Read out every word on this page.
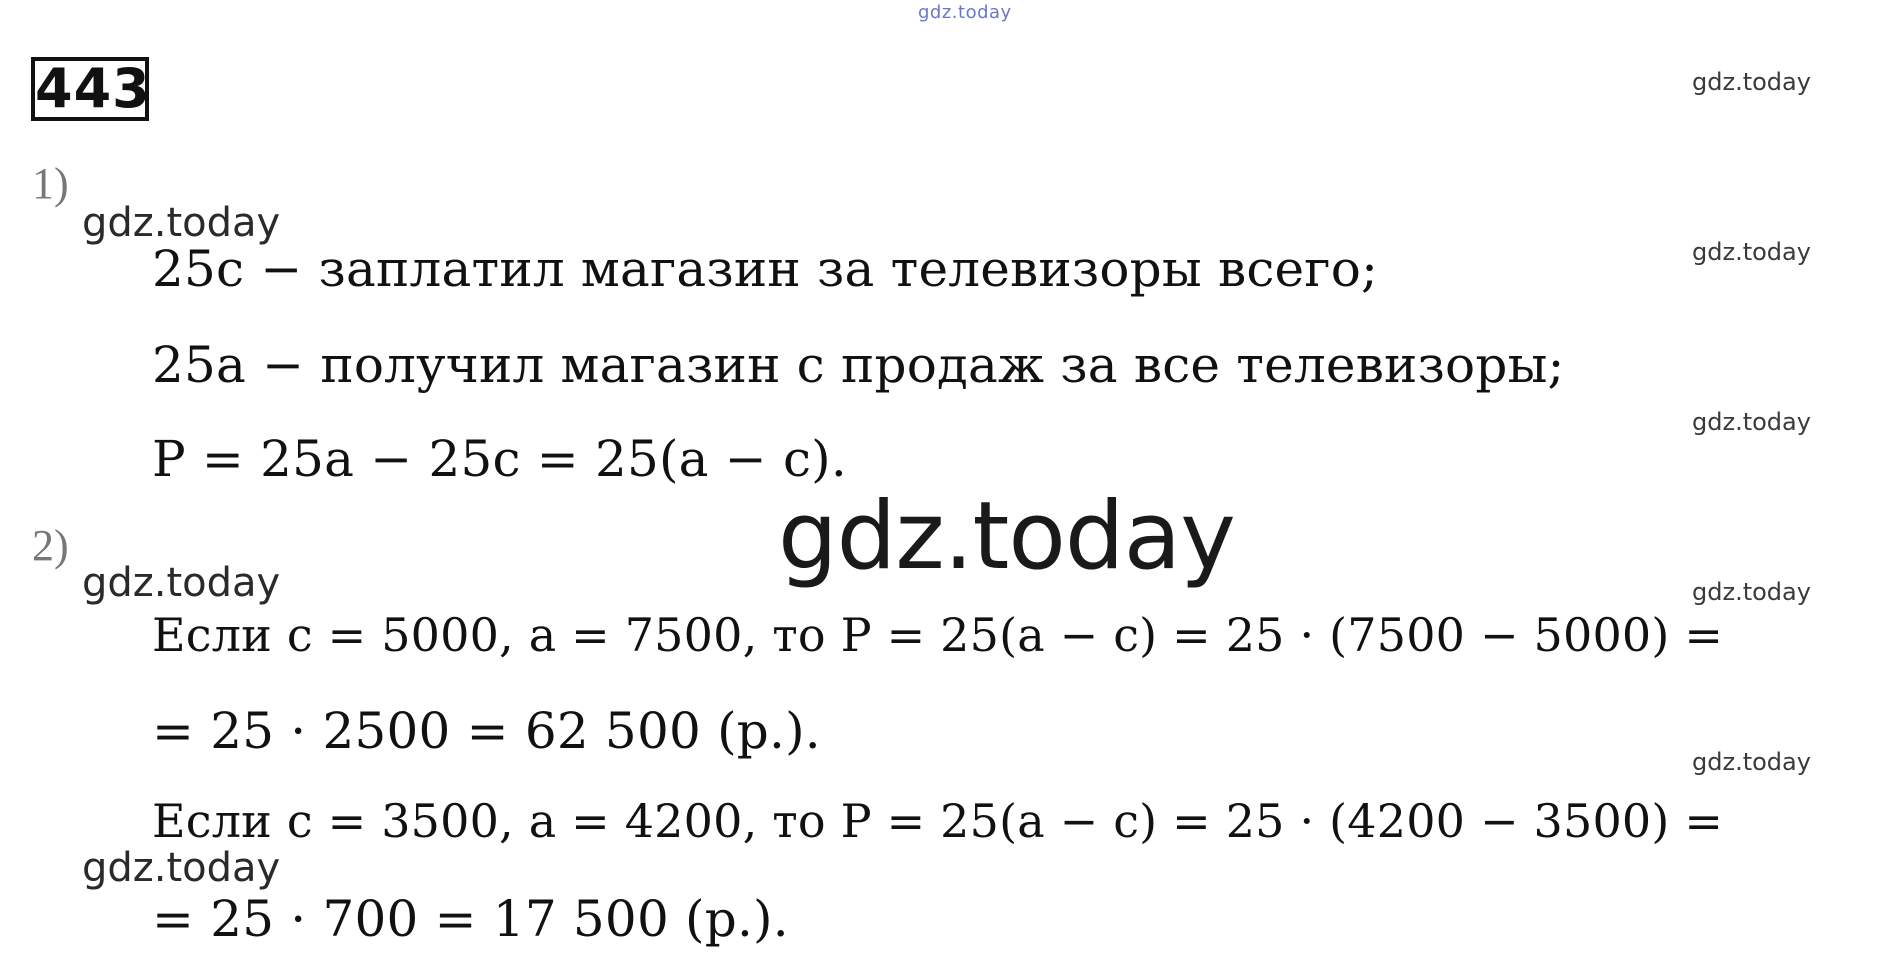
gdz.today
gdz.today
gdz.today
gdz.today
gdz.today
gdz.today
gdz.today
gdz.today
gdz.today
gdz.today
443
1)
25c − заплатил магазин за телевизоры всего;
25a − получил магазин с продаж за все телевизоры;
P = 25a − 25c = 25(a − c).
2)
Если c = 5000, a = 7500, то P = 25(a − c) = 25 · (7500 − 5000) =
= 25 · 2500 = 62 500 (р.).
Если c = 3500, a = 4200, то P = 25(a − c) = 25 · (4200 − 3500) =
= 25 · 700 = 17 500 (р.).
